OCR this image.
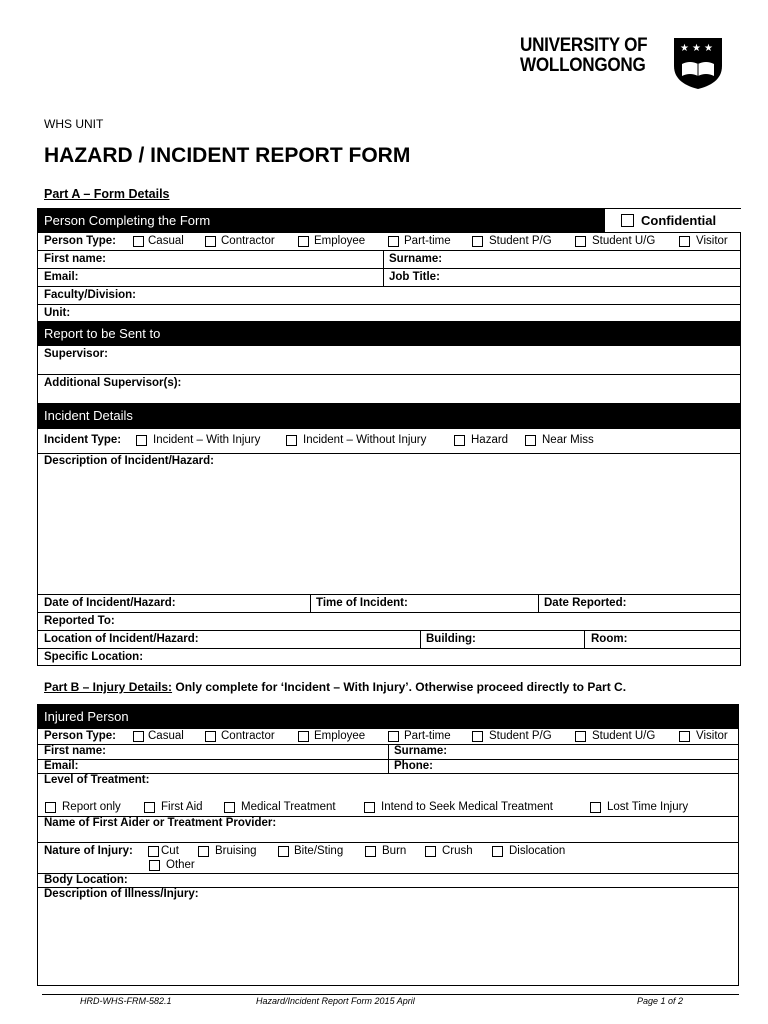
UNIVERSITY OF
WOLLONGONG
★ ★ ★
WHS UNIT
HAZARD / INCIDENT REPORT FORM
Part A – Form Details
Person Completing the Form	Confidential
Person Type:	Casual	Contractor	Employee	Part-time	Student P/G	Student U/G	Visitor
First name:	Surname:
Email:	Job Title:
Faculty/Division:
Unit:
Report to be Sent to
Supervisor:
Additional Supervisor(s):
Incident Details
Incident Type:	Incident – With Injury	Incident – Without Injury	Hazard	Near Miss
Description of Incident/Hazard:
Date of Incident/Hazard:	Time of Incident:	Date Reported:
Reported To:
Location of Incident/Hazard:	Building:	Room:
Specific Location:
Part B – Injury Details: Only complete for ‘Incident – With Injury’. Otherwise proceed directly to Part C.
Injured Person
Person Type:	Casual	Contractor	Employee	Part-time	Student P/G	Student U/G	Visitor
First name:	Surname:
Email:	Phone:
Level of Treatment:
Report only	First Aid	Medical Treatment	Intend to Seek Medical Treatment	Lost Time Injury
Name of First Aider or Treatment Provider:
Nature of Injury: Cut	Bruising	Bite/Sting	Burn	Crush	Dislocation
Other
Body Location:
Description of Illness/Injury:
HRD-WHS-FRM-582.1	Hazard/Incident Report Form 2015 April	Page 1 of 2
